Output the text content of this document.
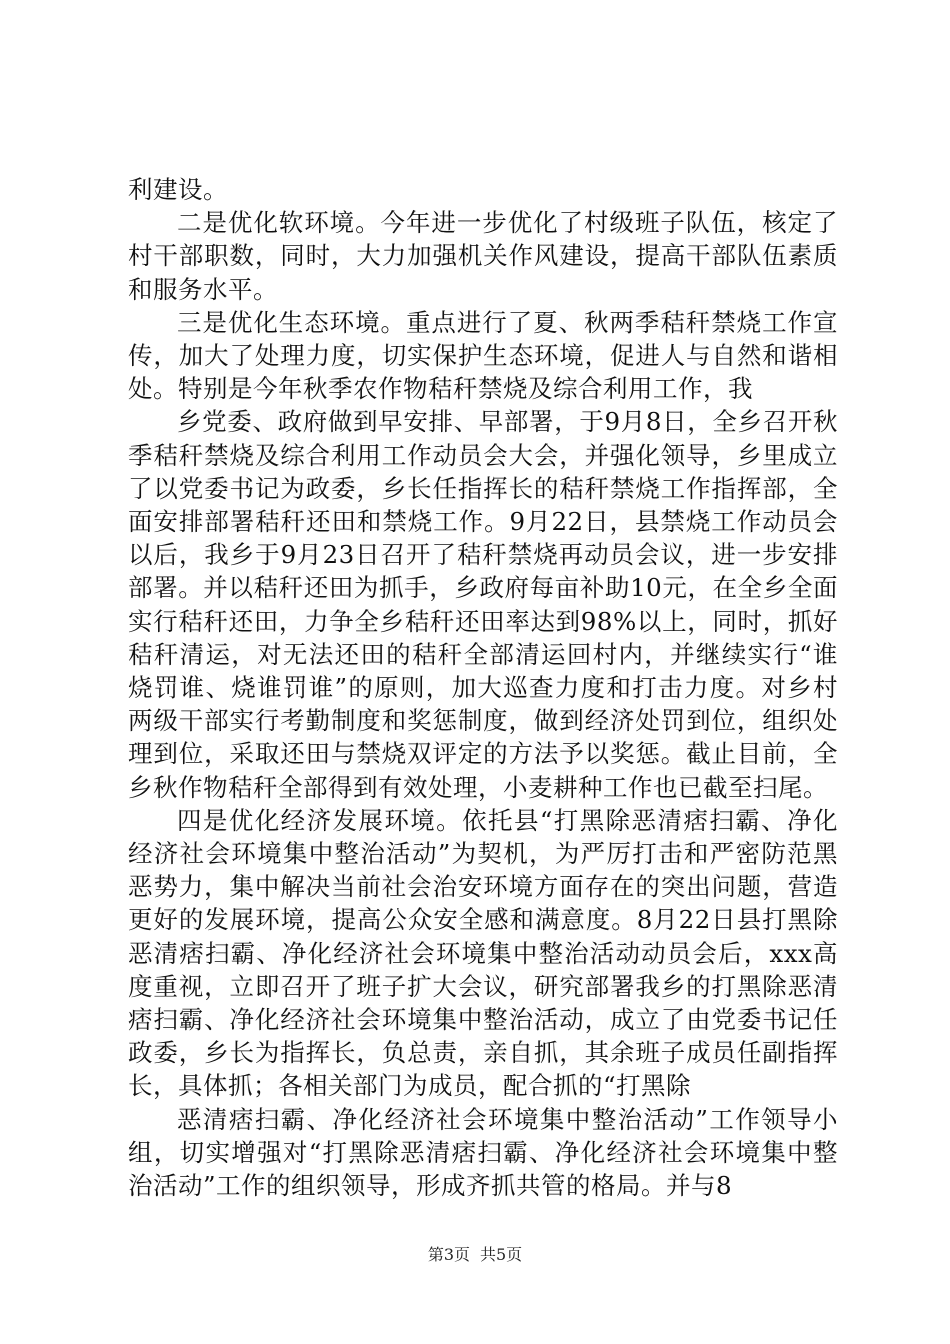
利建设。

二是优化软环境。今年进一步优化了村级班子队伍，核定了村干部职数，同时，大力加强机关作风建设，提高干部队伍素质和服务水平。

三是优化生态环境。重点进行了夏、秋两季秸秆禁烧工作宣传，加大了处理力度，切实保护生态环境，促进人与自然和谐相处。特别是今年秋季农作物秸秆禁烧及综合利用工作，我

乡党委、政府做到早安排、早部署，于9月8日，全乡召开秋季秸秆禁烧及综合利用工作动员会大会，并强化领导，乡里成立了以党委书记为政委，乡长任指挥长的秸秆禁烧工作指挥部，全面安排部署秸秆还田和禁烧工作。9月22日，县禁烧工作动员会以后，我乡于9月23日召开了秸秆禁烧再动员会议，进一步安排部署。并以秸秆还田为抓手，乡政府每亩补助10元，在全乡全面实行秸秆还田，力争全乡秸秆还田率达到98%以上，同时，抓好秸秆清运，对无法还田的秸秆全部清运回村内，并继续实行“谁烧罚谁、烧谁罚谁”的原则，加大巡查力度和打击力度。对乡村两级干部实行考勤制度和奖惩制度，做到经济处罚到位，组织处理到位，采取还田与禁烧双评定的方法予以奖惩。截止目前，全乡秋作物秸秆全部得到有效处理，小麦耕种工作也已截至扫尾。

四是优化经济发展环境。依托县“打黑除恶清痞扫霸、净化经济社会环境集中整治活动”为契机，为严厉打击和严密防范黑恶势力，集中解决当前社会治安环境方面存在的突出问题，营造更好的发展环境，提高公众安全感和满意度。8月22日县打黑除恶清痞扫霸、净化经济社会环境集中整治活动动员会后，xxx高度重视，立即召开了班子扩大会议，研究部署我乡的打黑除恶清痞扫霸、净化经济社会环境集中整治活动，成立了由党委书记任政委，乡长为指挥长，负总责，亲自抓，其余班子成员任副指挥长，具体抓；各相关部门为成员，配合抓的“打黑除

恶清痞扫霸、净化经济社会环境集中整治活动”工作领导小组，切实增强对“打黑除恶清痞扫霸、净化经济社会环境集中整治活动”工作的组织领导，形成齐抓共管的格局。并与8

第3页 共5页
